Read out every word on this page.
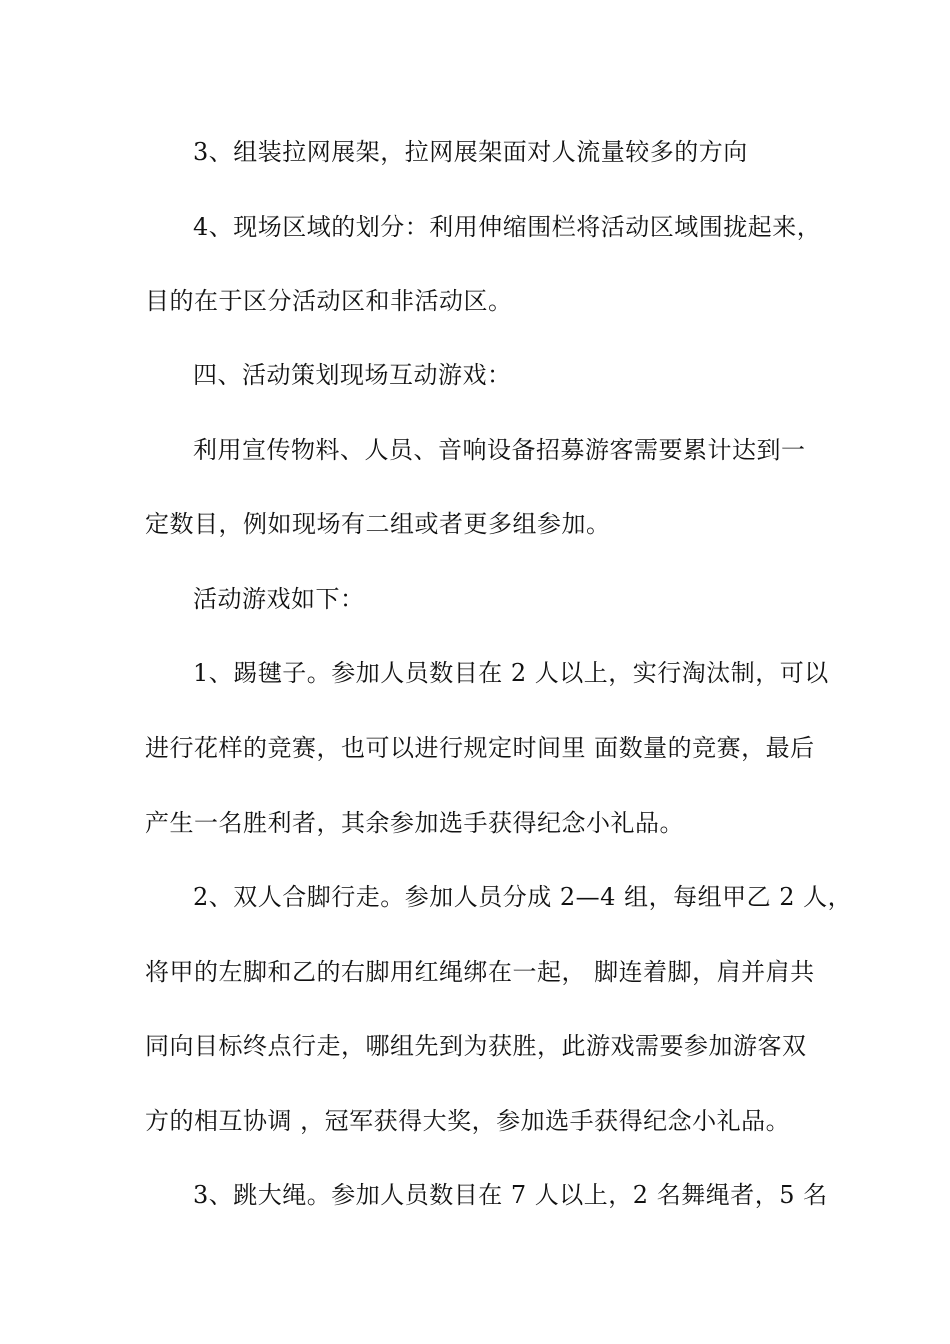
3、组装拉网展架，拉网展架面对人流量较多的方向
4、现场区域的划分：利用伸缩围栏将活动区域围拢起来，
目的在于区分活动区和非活动区。
四、活动策划现场互动游戏：
利用宣传物料、人员、音响设备招募游客需要累计达到一
定数目，例如现场有二组或者更多组参加。
活动游戏如下：
1、踢毽子。参加人员数目在 2 人以上，实行淘汰制，可以
进行花样的竞赛，也可以进行规定时间里 面数量的竞赛，最后
产生一名胜利者，其余参加选手获得纪念小礼品。
2、双人合脚行走。参加人员分成 2—4 组，每组甲乙 2 人，
将甲的左脚和乙的右脚用红绳绑在一起， 脚连着脚，肩并肩共
同向目标终点行走，哪组先到为获胜，此游戏需要参加游客双
方的相互协调 ，冠军获得大奖，参加选手获得纪念小礼品。
3、跳大绳。参加人员数目在 7 人以上，2 名舞绳者，5 名
